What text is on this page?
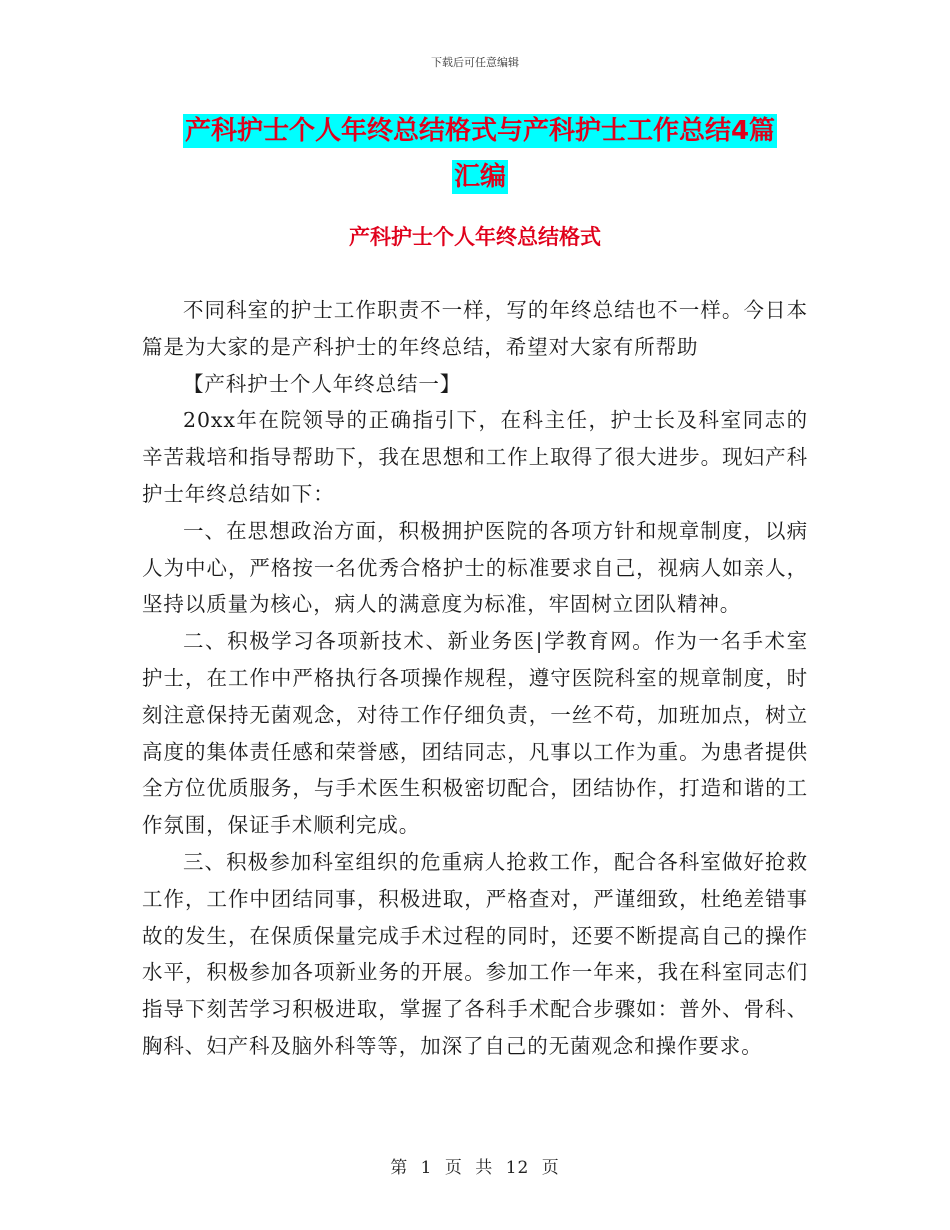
下载后可任意编辑
产科护士个人年终总结格式与产科护士工作总结4篇
汇编
产科护士个人年终总结格式

不同科室的护士工作职责不一样，写的年终总结也不一样。今日本篇是为大家的是产科护士的年终总结，希望对大家有所帮助

【产科护士个人年终总结一】

20xx年在院领导的正确指引下，在科主任，护士长及科室同志的辛苦栽培和指导帮助下，我在思想和工作上取得了很大进步。现妇产科护士年终总结如下：

一、在思想政治方面，积极拥护医院的各项方针和规章制度，以病人为中心，严格按一名优秀合格护士的标准要求自己，视病人如亲人，坚持以质量为核心，病人的满意度为标准，牢固树立团队精神。

二、积极学习各项新技术、新业务医|学教育网。作为一名手术室护士，在工作中严格执行各项操作规程，遵守医院科室的规章制度，时刻注意保持无菌观念，对待工作仔细负责，一丝不苟，加班加点，树立高度的集体责任感和荣誉感，团结同志，凡事以工作为重。为患者提供全方位优质服务，与手术医生积极密切配合，团结协作，打造和谐的工作氛围，保证手术顺利完成。

三、积极参加科室组织的危重病人抢救工作，配合各科室做好抢救工作，工作中团结同事，积极进取，严格查对，严谨细致，杜绝差错事故的发生，在保质保量完成手术过程的同时，还要不断提高自己的操作水平，积极参加各项新业务的开展。参加工作一年来，我在科室同志们指导下刻苦学习积极进取，掌握了各科手术配合步骤如：普外、骨科、胸科、妇产科及脑外科等等，加深了自己的无菌观念和操作要求。

第 1 页 共 12 页
